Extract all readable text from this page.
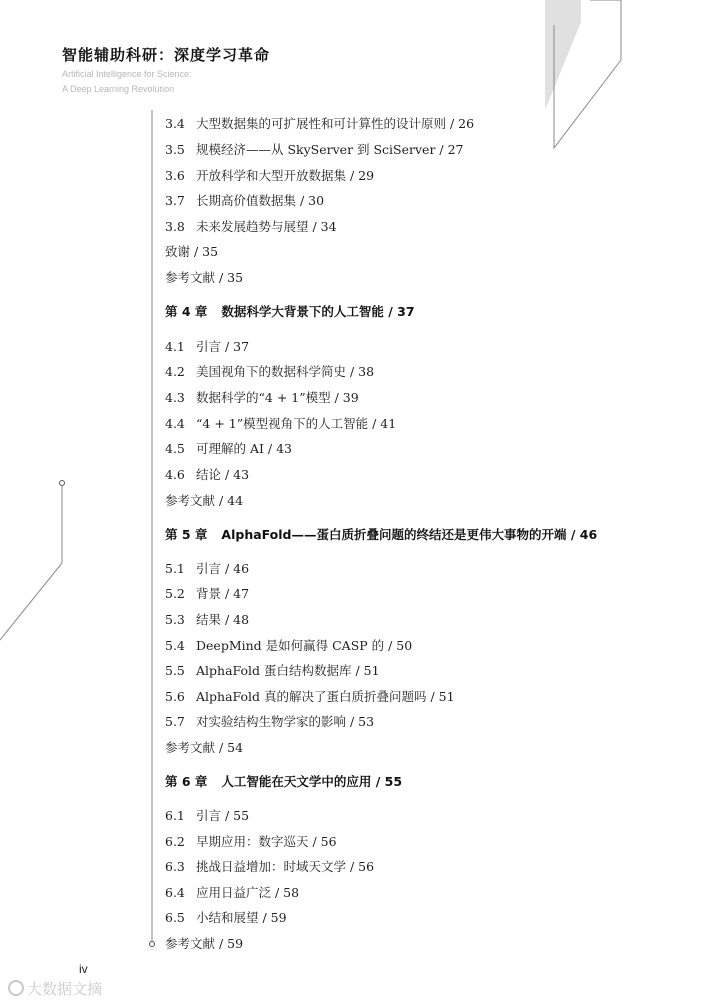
智能辅助科研：深度学习革命
Artificial Intelligence for Science:
A Deep Learning Revolution
3.4 大型数据集的可扩展性和可计算性的设计原则 / 26
3.5 规模经济——从 SkyServer 到 SciServer / 27
3.6 开放科学和大型开放数据集 / 29
3.7 长期高价值数据集 / 30
3.8 未来发展趋势与展望 / 34
致谢 / 35
参考文献 / 35
第 4 章 数据科学大背景下的人工智能 / 37
4.1 引言 / 37
4.2 美国视角下的数据科学简史 / 38
4.3 数据科学的“4 + 1”模型 / 39
4.4 “4 + 1”模型视角下的人工智能 / 41
4.5 可理解的 AI / 43
4.6 结论 / 43
参考文献 / 44
第 5 章 AlphaFold——蛋白质折叠问题的终结还是更伟大事物的开端 / 46
5.1 引言 / 46
5.2 背景 / 47
5.3 结果 / 48
5.4 DeepMind 是如何赢得 CASP 的 / 50
5.5 AlphaFold 蛋白结构数据库 / 51
5.6 AlphaFold 真的解决了蛋白质折叠问题吗 / 51
5.7 对实验结构生物学家的影响 / 53
参考文献 / 54
第 6 章 人工智能在天文学中的应用 / 55
6.1 引言 / 55
6.2 早期应用：数字巡天 / 56
6.3 挑战日益增加：时域天文学 / 56
6.4 应用日益广泛 / 58
6.5 小结和展望 / 59
参考文献 / 59
iv
大数据文摘
